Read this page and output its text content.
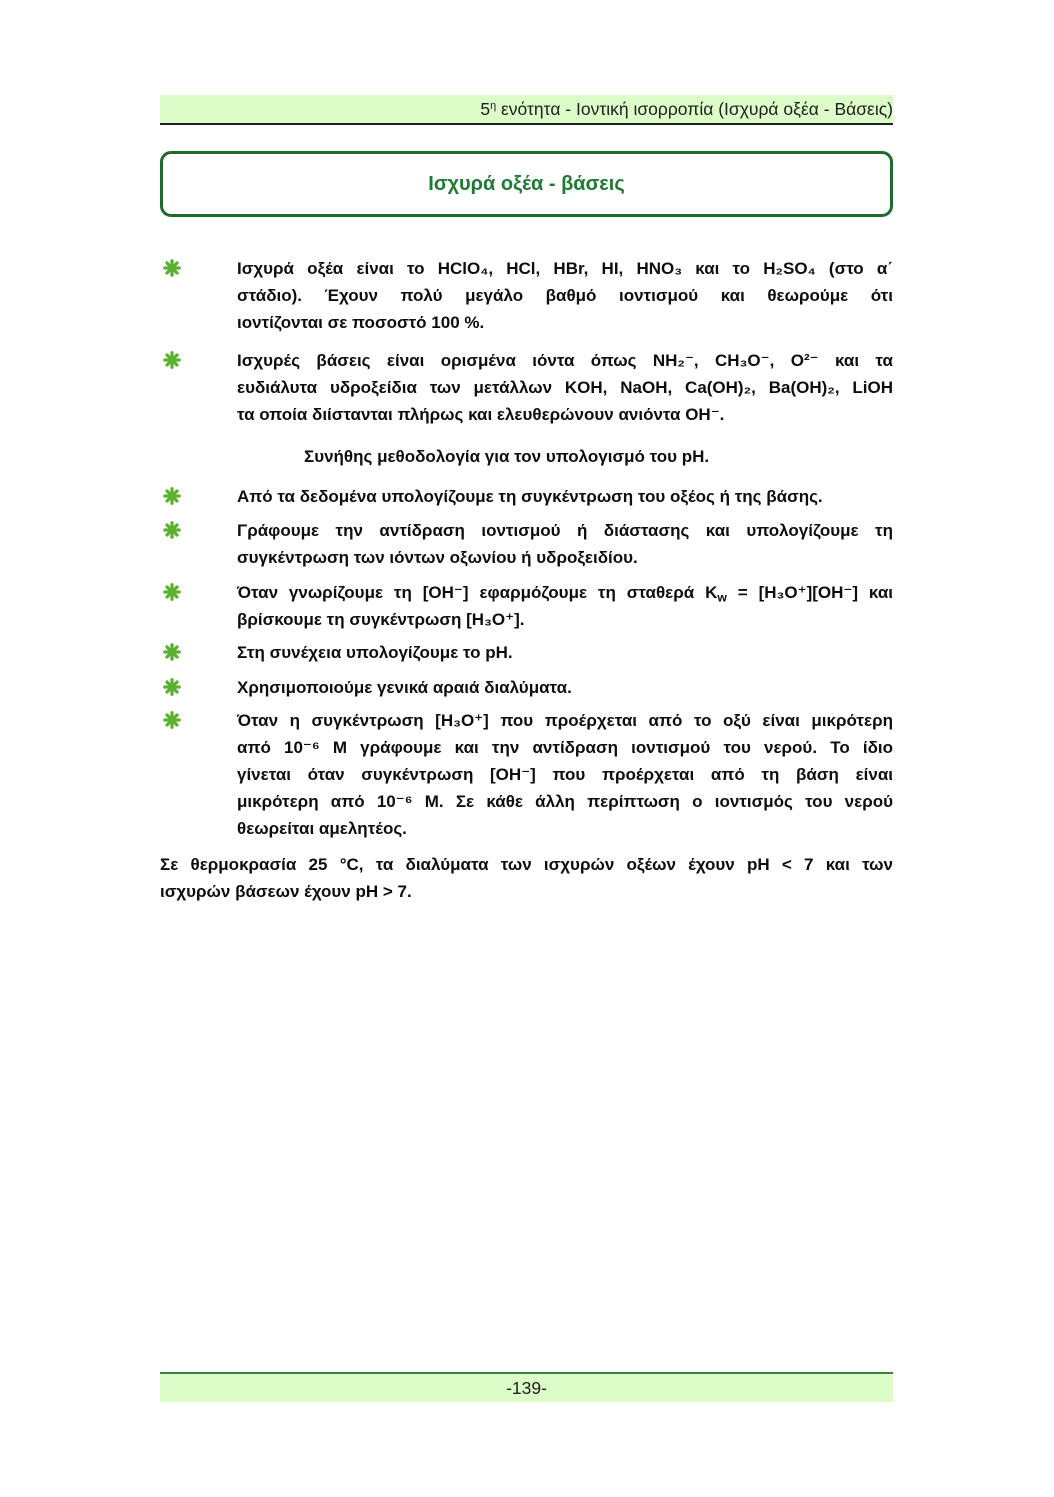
$5^\eta$ ενότητα - Ιοντική ισορροπία (Ισχυρά οξέα - Βάσεις)
Ισχυρά οξέα - βάσεις
Ισχυρά οξέα είναι το HClO₄, HCl, HBr, HI, HNO₃ και το H₂SO₄ (στο α΄
στάδιο). Έχουν πολύ μεγάλο βαθμό ιοντισμού και θεωρούμε ότι
ιοντίζονται σε ποσοστό 100 %.
Ισχυρές βάσεις είναι ορισμένα ιόντα όπως NH₂⁻, CH₃O⁻, O²⁻ και τα
ευδιάλυτα υδροξείδια των μετάλλων KOH, NaOH, Ca(OH)₂, Ba(OH)₂, LiOH
τα οποία διίστανται πλήρως και ελευθερώνουν ανιόντα OH⁻.
Συνήθης μεθοδολογία για τον υπολογισμό του pH.
Από τα δεδομένα υπολογίζουμε τη συγκέντρωση του οξέος ή της βάσης.
Γράφουμε την αντίδραση ιοντισμού ή διάστασης και υπολογίζουμε τη
συγκέντρωση των ιόντων οξωνίου ή υδροξειδίου.
Όταν γνωρίζουμε τη [OH⁻] εφαρμόζουμε τη σταθερά $K_w = [H_3O^+][OH^-]$ και
βρίσκουμε τη συγκέντρωση [H₃O⁺].
Στη συνέχεια υπολογίζουμε το pH.
Χρησιμοποιούμε γενικά αραιά διαλύματα.
Όταν η συγκέντρωση [H₃O⁺] που προέρχεται από το οξύ είναι μικρότερη
από 10⁻⁶ M γράφουμε και την αντίδραση ιοντισμού του νερού. Το ίδιο
γίνεται όταν συγκέντρωση [OH⁻] που προέρχεται από τη βάση είναι
μικρότερη από 10⁻⁶ M. Σε κάθε άλλη περίπτωση ο ιοντισμός του νερού
θεωρείται αμελητέος.
Σε θερμοκρασία 25 °C, τα διαλύματα των ισχυρών οξέων έχουν pH < 7 και των
ισχυρών βάσεων έχουν pH > 7.
-139-
